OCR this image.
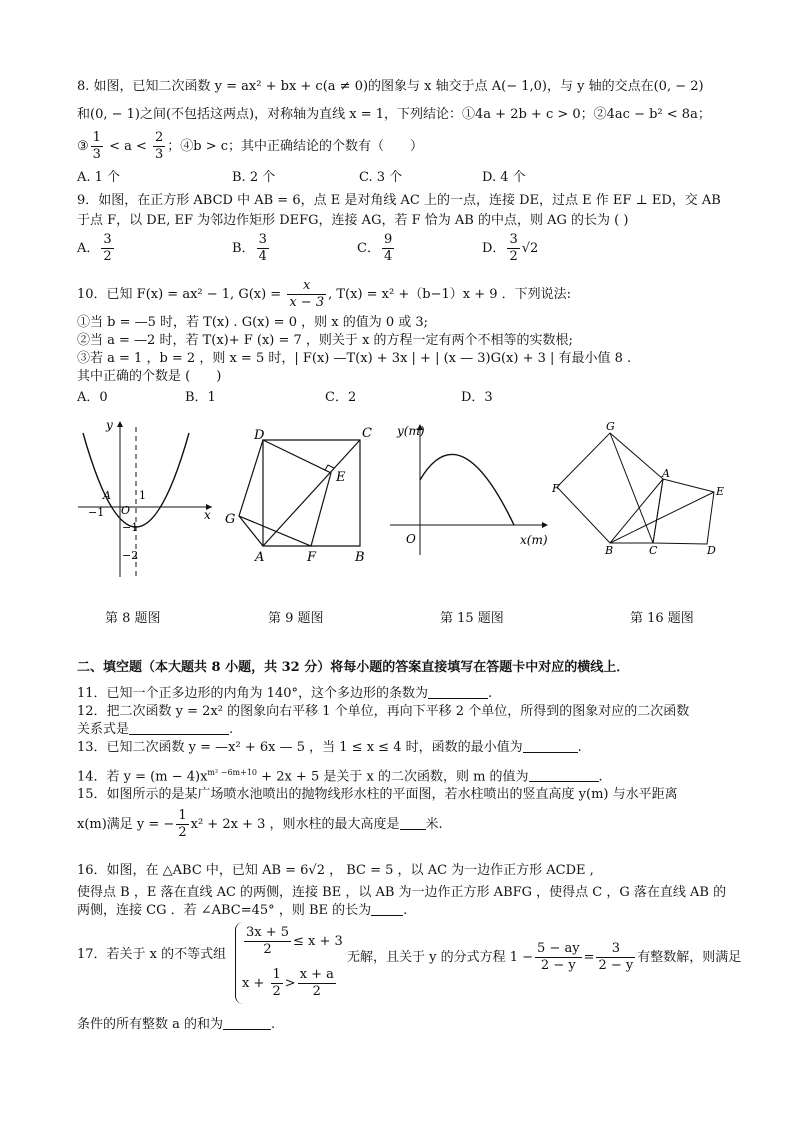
8. 如图，已知二次函数 y = ax² + bx + c(a ≠ 0)的图象与 x 轴交于点 A(− 1,0)，与 y 轴的交点在(0, − 2)
和(0, − 1)之间(不包括这两点)，对称轴为直线 x = 1，下列结论：①4a + 2b + c > 0；②4ac − b² < 8a；
③ $\frac{1}{3} < a < \frac{2}{3}$ ；④b > c；其中正确结论的个数有（　　）
A. 1 个	B. 2 个	C. 3 个	D. 4 个
9．如图，在正方形 ABCD 中 AB = 6，点 E 是对角线 AC 上的一点，连接 DE，过点 E 作 EF ⊥ ED，交 AB
于点 F，以 DE, EF 为邻边作矩形 DEFG，连接 AG，若 F 恰为 AB 的中点，则 AG 的长为 ( )
A． $\frac{3}{2}$	B． $\frac{3}{4}$	C． $\frac{9}{4}$	D． $\frac{3}{2} √2$
10．已知 F(x) = ax² − 1, $G(x) = \frac{x}{x - 3}$ , T(x) = x² +（b−1）x + 9 ．下列说法:
①当 b = —5 时，若 T(x) . G(x) = 0 ，则 x 的值为 0 或 3;
②当 a = —2 时，若 T(x)+ F (x) = 7 ，则关于 x 的方程一定有两个不相等的实数根;
③若 a = 1 ，b = 2 ，则 x = 5 时，| F(x) —T(x) + 3x | + | (x — 3)G(x) + 3 | 有最小值 8 .
其中正确的个数是 (　　)
A．0	B．1	C．2	D．3
y
x
A
O
1
−1
−1
−2
D	C
E
G
A	F	B
y(m)
x(m)
O
G
F
A
E
B	C	D
第 8 题图	第 9 题图	第 15 题图	第 16 题图
二、填空题（本大题共 8 小题，共 32 分）将每小题的答案直接填写在答题卡中对应的横线上．
11．已知一个正多边形的内角为 140°，这个多边形的条数为	.
12．把二次函数 y = 2x² 的图象向右平移 1 个单位，再向下平移 2 个单位，所得到的图象对应的二次函数
关系式是	.
13．已知二次函数 y = —x² + 6x — 5 ，当 1 ≤ x ≤ 4 时，函数的最小值为	.
14．若 $y = (m - 4)x^{m^2 -6m+10} + 2x + 5$ 是关于 x 的二次函数，则 m 的值为	.
15．如图所示的是某广场喷水池喷出的抛物线形水柱的平面图，若水柱喷出的竖直高度 y(m) 与水平距离
x(m)满足 y = − $\frac{1}{2} x^2 + 2x + 3$ ，则水柱的最大高度是 米.
16．如图，在 △ABC 中，已知 AB = 6√2 ， BC = 5 ，以 AC 为一边作正方形 ACDE ,
使得点 B ，E 落在直线 AC 的两侧，连接 BE ，以 AB 为一边作正方形 ABFG ，使得点 C ，G 落在直线 AB 的
两侧，连接 CG ．若 ∠ABC=45° ，则 BE 的长为 .
17．若关于 x 的不等式组 $\frac{3x + 5}{2} \le x + 3$
$x + \frac{1}{2} > \frac{x + a}{2}$
无解，且关于 y 的分式方程 $1 - \frac{5 - ay}{2 - y} = \frac{3}{2 - y}$ 有整数解，则满足
条件的所有整数 a 的和为	.
